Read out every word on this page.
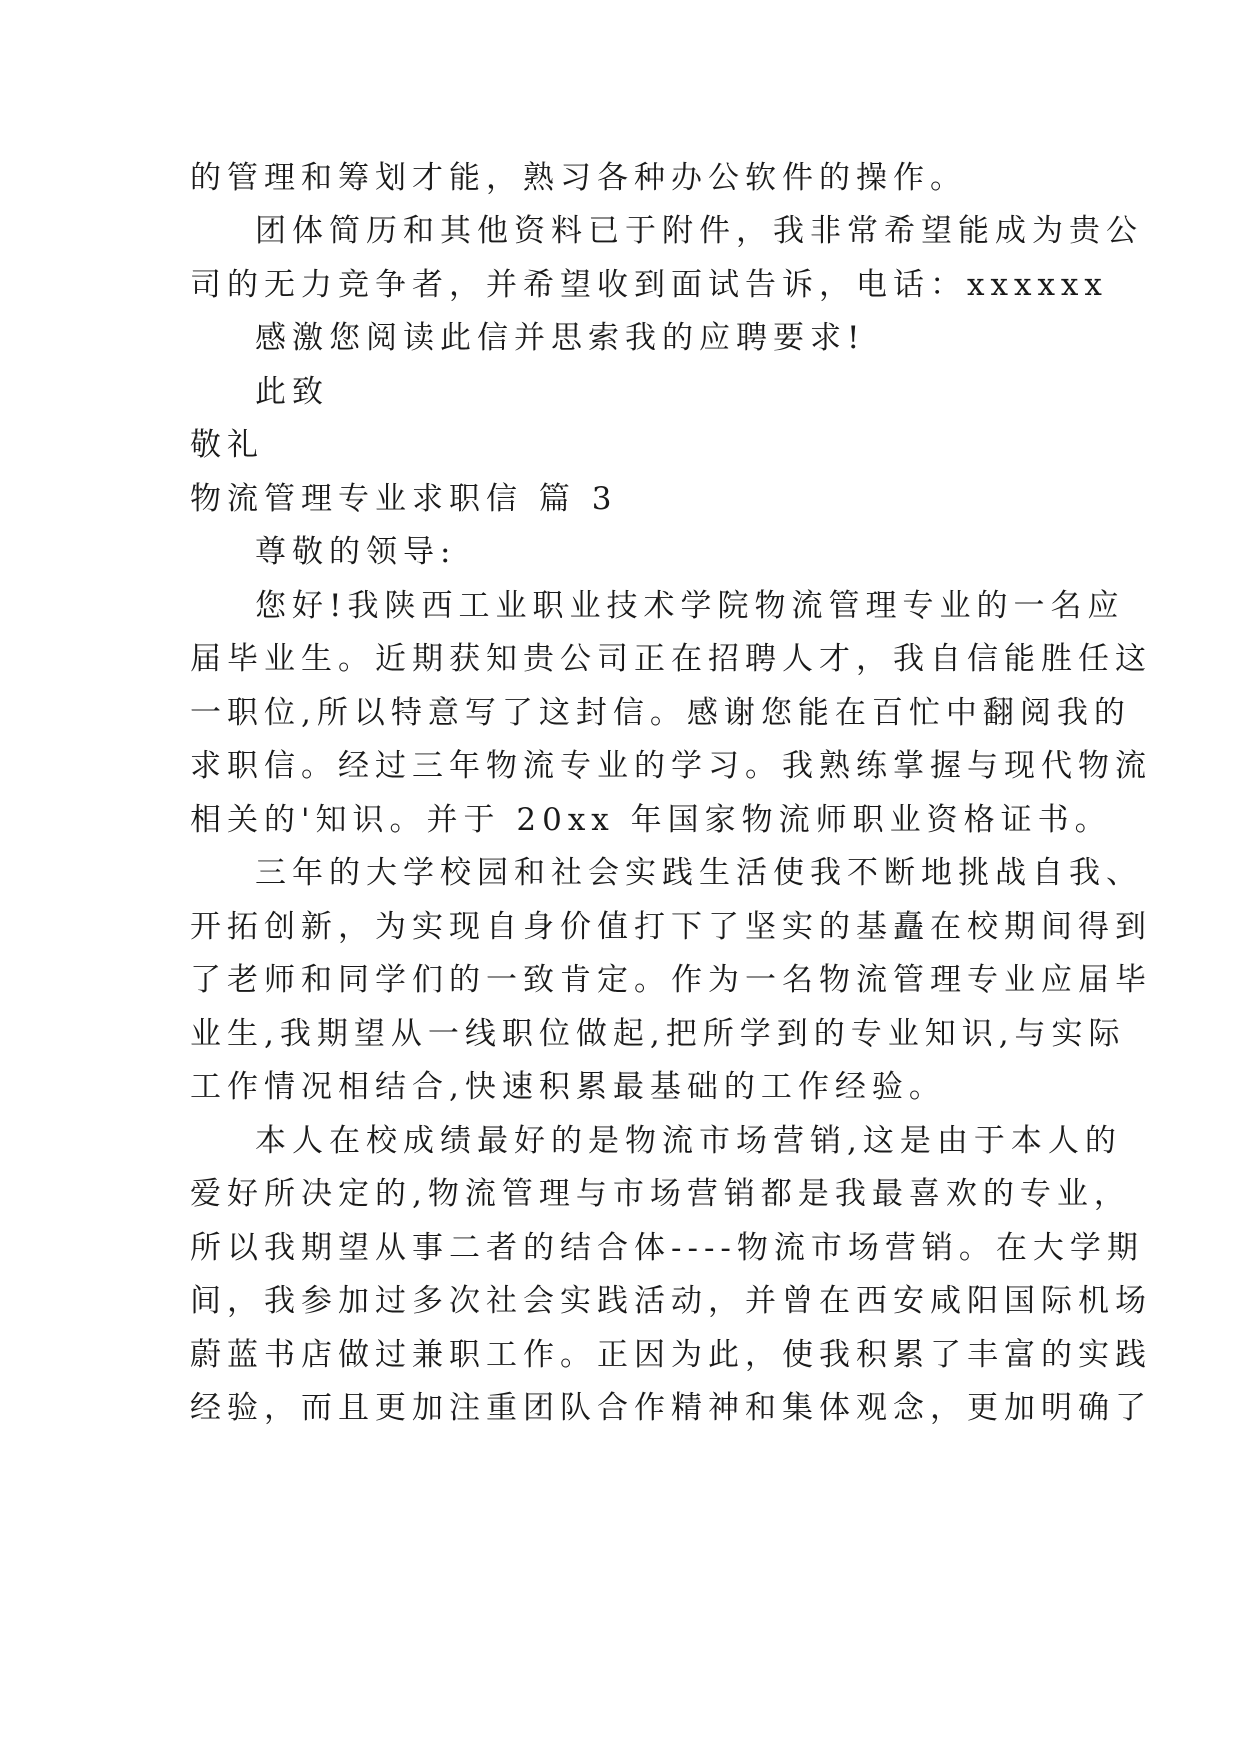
的管理和筹划才能，熟习各种办公软件的操作。
团体简历和其他资料已于附件，我非常希望能成为贵公
司的无力竞争者，并希望收到面试告诉，电话：xxxxxx
感激您阅读此信并思索我的应聘要求!
此致
敬礼
物流管理专业求职信 篇 3
尊敬的领导:
您好!我陕西工业职业技术学院物流管理专业的一名应
届毕业生。近期获知贵公司正在招聘人才，我自信能胜任这
一职位,所以特意写了这封信。感谢您能在百忙中翻阅我的
求职信。经过三年物流专业的学习。我熟练掌握与现代物流
相关的'知识。并于 20xx 年国家物流师职业资格证书。
三年的大学校园和社会实践生活使我不断地挑战自我、
开拓创新，为实现自身价值打下了坚实的基矗在校期间得到
了老师和同学们的一致肯定。作为一名物流管理专业应届毕
业生,我期望从一线职位做起,把所学到的专业知识,与实际
工作情况相结合,快速积累最基础的工作经验。
本人在校成绩最好的是物流市场营销,这是由于本人的
爱好所决定的,物流管理与市场营销都是我最喜欢的专业，
所以我期望从事二者的结合体----物流市场营销。在大学期
间，我参加过多次社会实践活动，并曾在西安咸阳国际机场
蔚蓝书店做过兼职工作。正因为此，使我积累了丰富的实践
经验，而且更加注重团队合作精神和集体观念，更加明确了
